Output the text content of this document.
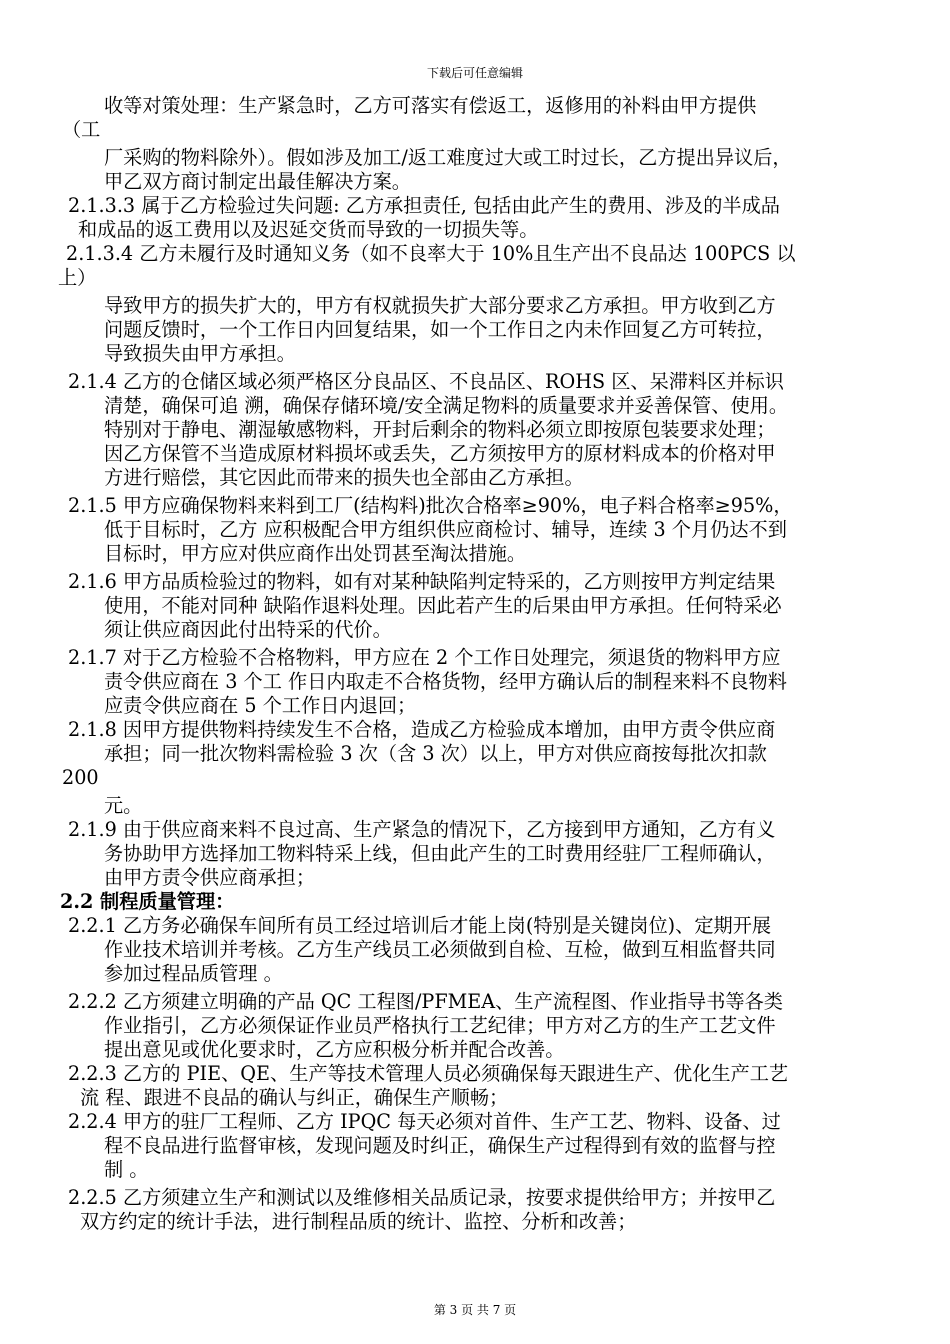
下载后可任意编辑
收等对策处理：生产紧急时，乙方可落实有偿返工，返修用的补料由甲方提供
（工
厂采购的物料除外）。假如涉及加工/返工难度过大或工时过长，乙方提出异议后，
甲乙双方商讨制定出最佳解决方案。
2.1.3.3 属于乙方检验过失问题: 乙方承担责任, 包括由此产生的费用、涉及的半成品
和成品的返工费用以及迟延交货而导致的一切损失等。
2.1.3.4 乙方未履行及时通知义务（如不良率大于 10%且生产出不良品达 100PCS 以
上）
导致甲方的损失扩大的，甲方有权就损失扩大部分要求乙方承担。甲方收到乙方
问题反馈时，一个工作日内回复结果，如一个工作日之内未作回复乙方可转拉，
导致损失由甲方承担。
2.1.4 乙方的仓储区域必须严格区分良品区、不良品区、ROHS 区、呆滞料区并标识
清楚，确保可追 溯，确保存储环境/安全满足物料的质量要求并妥善保管、使用。
特别对于静电、潮湿敏感物料，开封后剩余的物料必须立即按原包装要求处理；
因乙方保管不当造成原材料损坏或丢失，乙方须按甲方的原材料成本的价格对甲
方进行赔偿，其它因此而带来的损失也全部由乙方承担。
2.1.5 甲方应确保物料来料到工厂(结构料)批次合格率≥90%，电子料合格率≥95%，
低于目标时，乙方 应积极配合甲方组织供应商检讨、辅导，连续 3 个月仍达不到
目标时，甲方应对供应商作出处罚甚至淘汰措施。
2.1.6 甲方品质检验过的物料，如有对某种缺陷判定特采的，乙方则按甲方判定结果
使用，不能对同种 缺陷作退料处理。因此若产生的后果由甲方承担。任何特采必
须让供应商因此付出特采的代价。
2.1.7 对于乙方检验不合格物料，甲方应在 2 个工作日处理完，须退货的物料甲方应
责令供应商在 3 个工 作日内取走不合格货物，经甲方确认后的制程来料不良物料
应责令供应商在 5 个工作日内退回；
2.1.8 因甲方提供物料持续发生不合格，造成乙方检验成本增加，由甲方责令供应商
承担；同一批次物料需检验 3 次（含 3 次）以上，甲方对供应商按每批次扣款
200
元。
2.1.9 由于供应商来料不良过高、生产紧急的情况下，乙方接到甲方通知，乙方有义
务协助甲方选择加工物料特采上线，但由此产生的工时费用经驻厂工程师确认，
由甲方责令供应商承担；
2.2 制程质量管理：
2.2.1 乙方务必确保车间所有员工经过培训后才能上岗(特别是关键岗位)、定期开展
作业技术培训并考核。乙方生产线员工必须做到自检、互检，做到互相监督共同
参加过程品质管理 。
2.2.2 乙方须建立明确的产品 QC 工程图/PFMEA、生产流程图、作业指导书等各类
作业指引，乙方必须保证作业员严格执行工艺纪律；甲方对乙方的生产工艺文件
提出意见或优化要求时，乙方应积极分析并配合改善。
2.2.3 乙方的 PIE、QE、生产等技术管理人员必须确保每天跟进生产、优化生产工艺
流 程、跟进不良品的确认与纠正，确保生产顺畅；
2.2.4 甲方的驻厂工程师、乙方 IPQC 每天必须对首件、生产工艺、物料、设备、过
程不良品进行监督审核，发现问题及时纠正，确保生产过程得到有效的监督与控
制 。
2.2.5 乙方须建立生产和测试以及维修相关品质记录，按要求提供给甲方；并按甲乙
双方约定的统计手法，进行制程品质的统计、监控、分析和改善；
第 3 页 共 7 页
